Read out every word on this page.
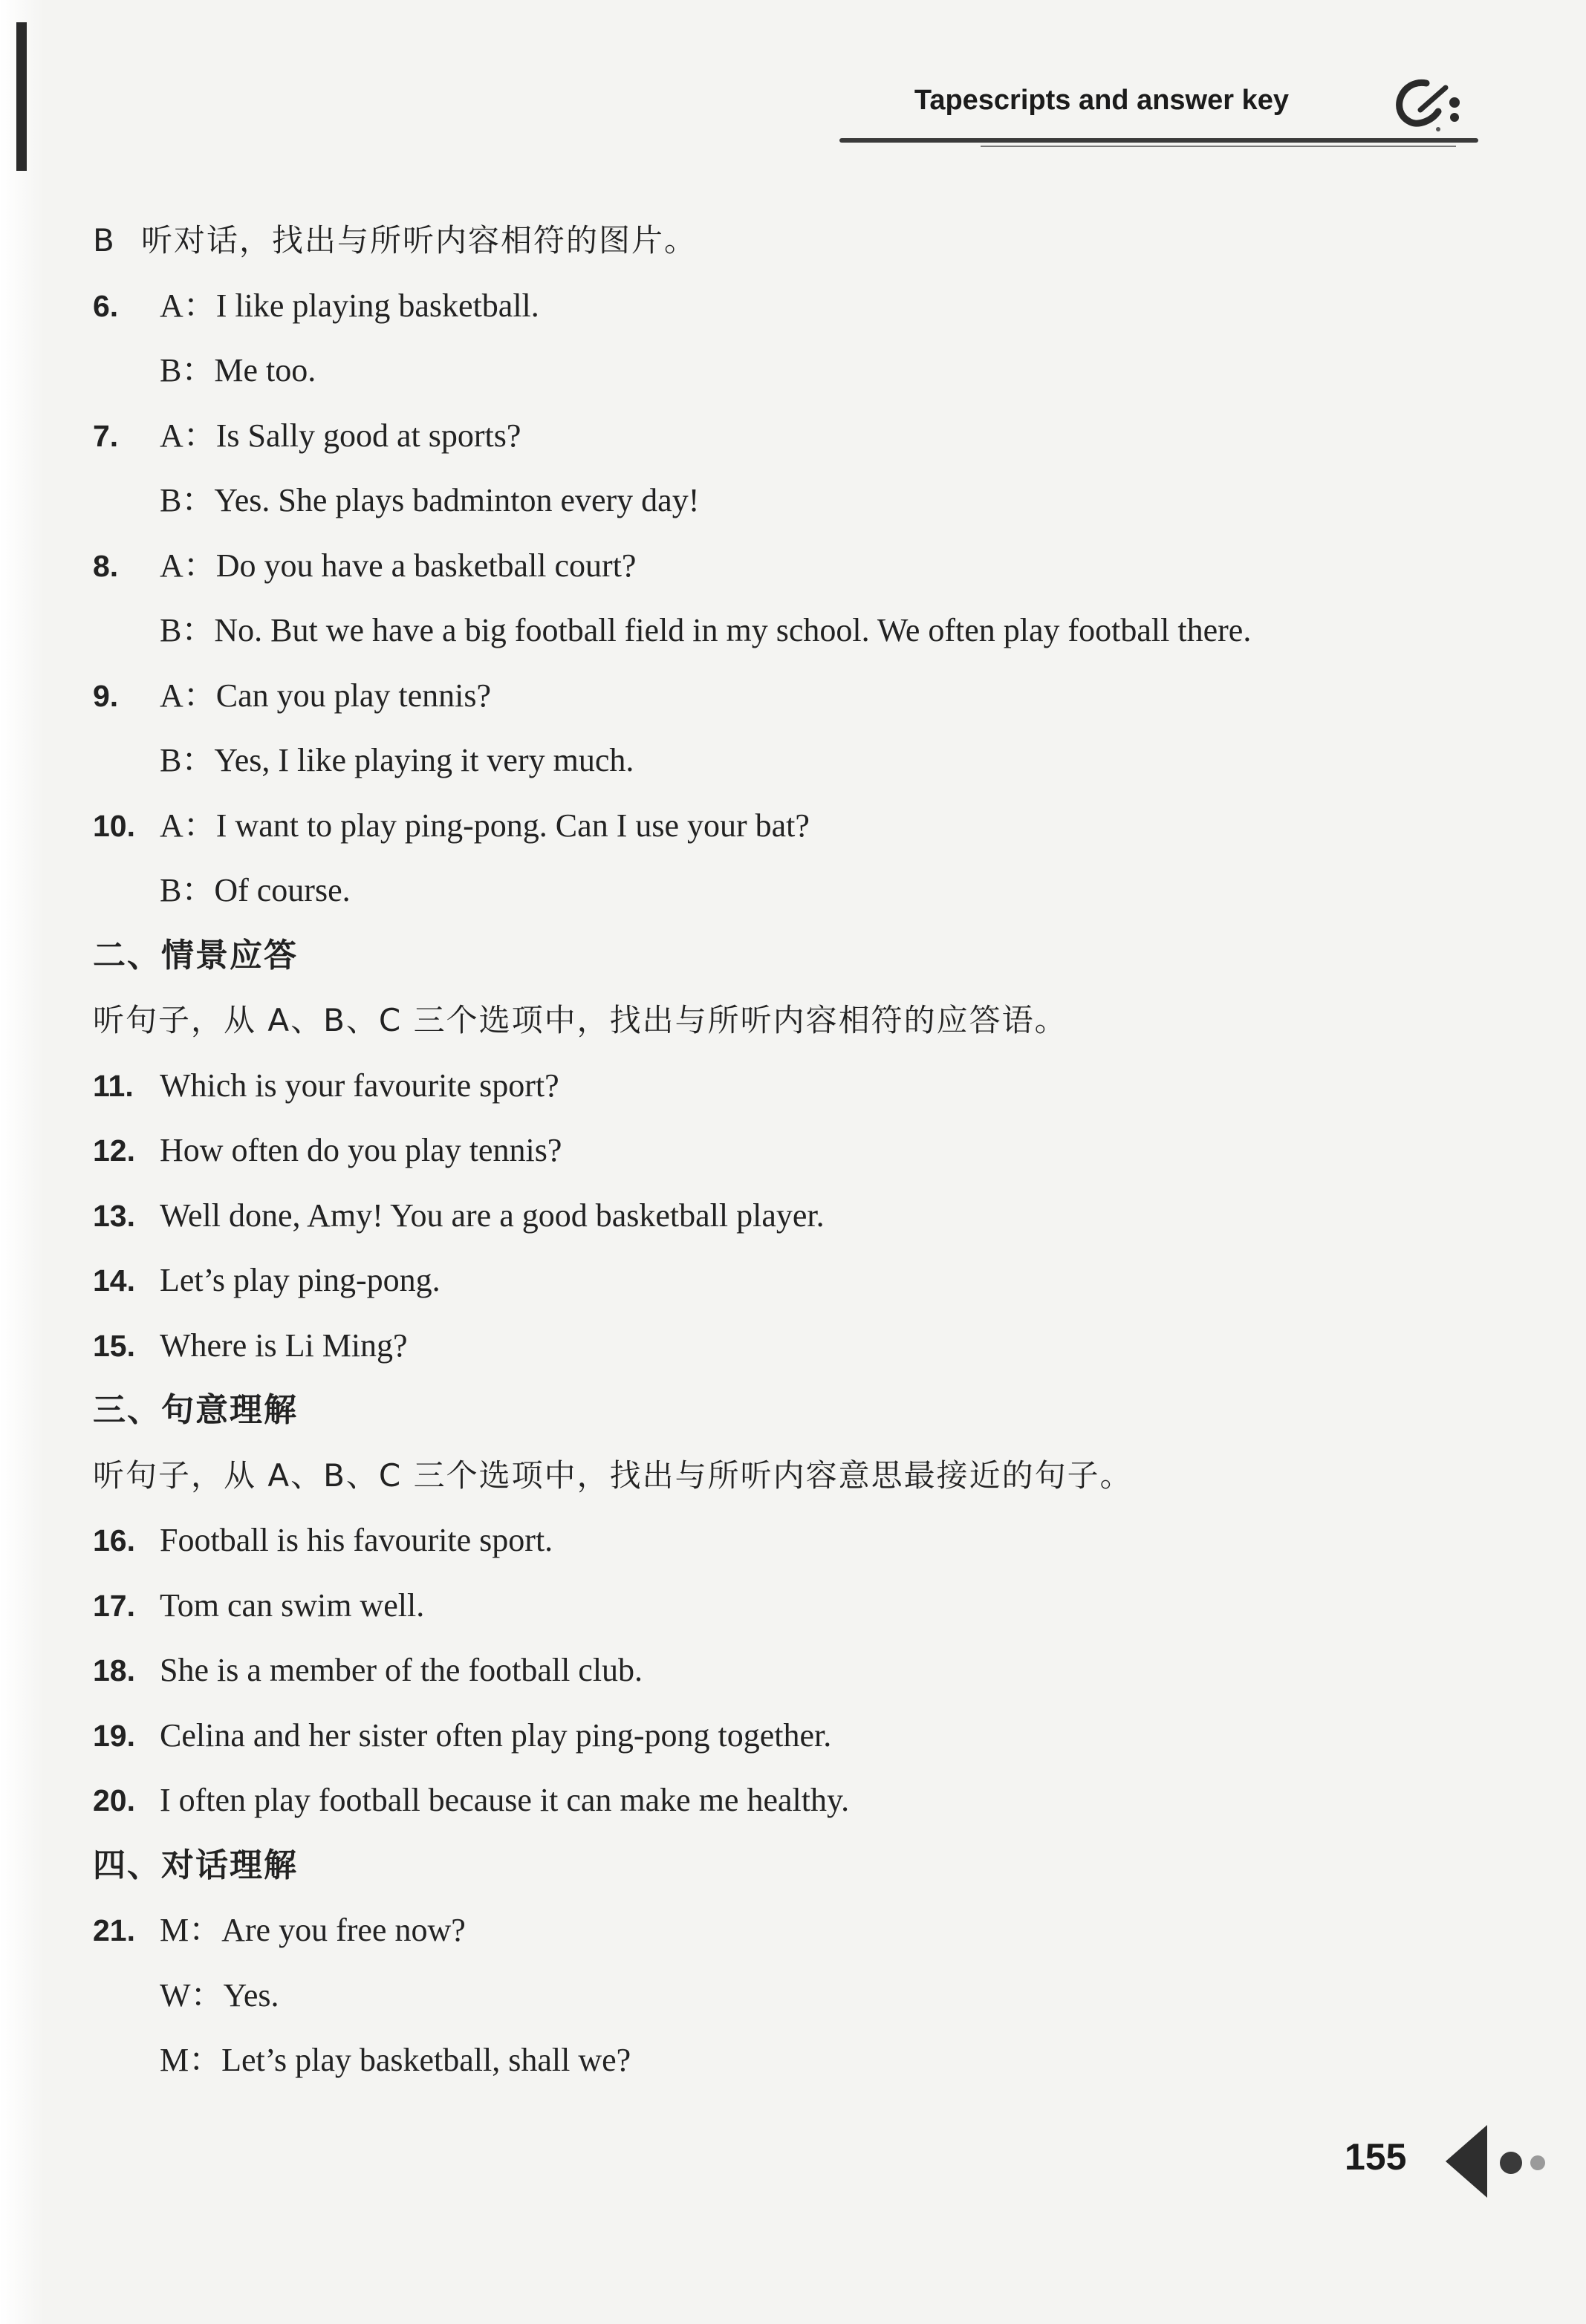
Tapescripts and answer key
B 听对话，找出与所听内容相符的图片。
6. A：I like playing basketball.
B：Me too.
7. A：Is Sally good at sports?
B：Yes. She plays badminton every day!
8. A：Do you have a basketball court?
B：No. But we have a big football field in my school. We often play football there.
9. A：Can you play tennis?
B：Yes, I like playing it very much.
10. A：I want to play ping-pong. Can I use your bat?
B：Of course.
二、情景应答
听句子，从 A、B、C 三个选项中，找出与所听内容相符的应答语。
11. Which is your favourite sport?
12. How often do you play tennis?
13. Well done, Amy! You are a good basketball player.
14. Let’s play ping-pong.
15. Where is Li Ming?
三、句意理解
听句子，从 A、B、C 三个选项中，找出与所听内容意思最接近的句子。
16. Football is his favourite sport.
17. Tom can swim well.
18. She is a member of the football club.
19. Celina and her sister often play ping-pong together.
20. I often play football because it can make me healthy.
四、对话理解
21. M：Are you free now?
W：Yes.
M：Let’s play basketball, shall we?
155
